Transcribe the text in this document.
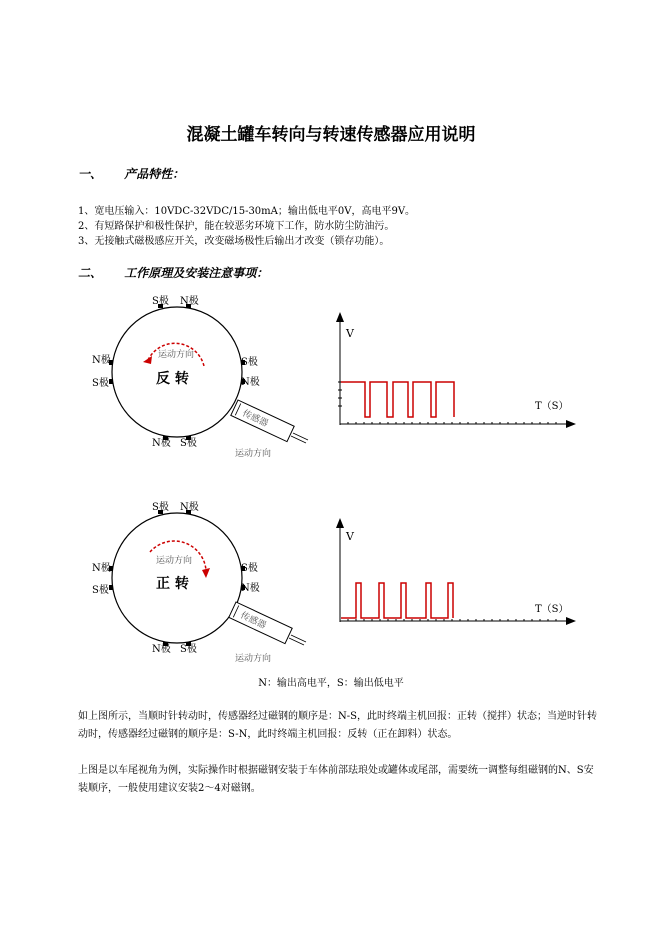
混凝土罐车转向与转速传感器应用说明
一、 产品特性：
1、宽电压输入：10VDC-32VDC/15-30mA；输出低电平0V，高电平9V。
2、有短路保护和极性保护，能在较恶劣环境下工作，防水防尘防油污。
3、无接触式磁极感应开关，改变磁场极性后输出才改变（锁存功能）。
二、 工作原理及安装注意事项：
S极 N极
N极
S极
S极
N极
N极 S极
运动方向
反 转
传感器
运动方向
V
T（S）
S极 N极
N极
S极
S极
N极
N极 S极
运动方向
正 转
传感器
运动方向
V
T（S）
N：输出高电平，S：输出低电平
如上图所示，当顺时针转动时，传感器经过磁钢的顺序是：N-S，此时终端主机回报：正转（搅拌）状态；当逆时针转动时，传感器经过磁钢的顺序是：S-N，此时终端主机回报：反转（正在卸料）状态。
上图是以车尾视角为例，实际操作时根据磁钢安装于车体前部珐琅处或罐体或尾部，需要统一调整每组磁钢的N、S安装顺序，一般使用建议安装2～4对磁钢。
